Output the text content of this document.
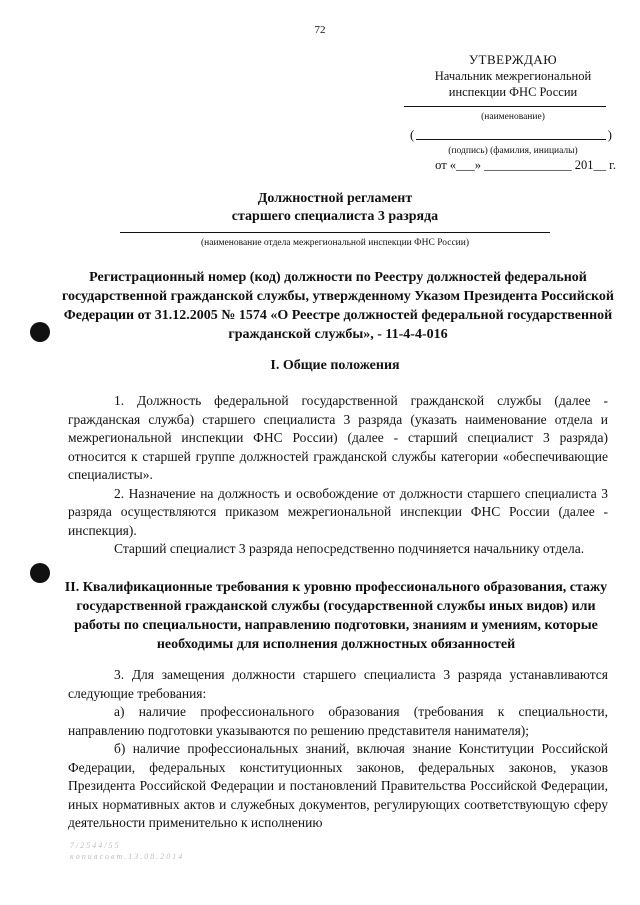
72
УТВЕРЖДАЮ
Начальник межрегиональной
инспекции ФНС России
(наименование)
(	)
(подпись) (фамилия, инициалы)
от «___» ______________ 201__ г.
Должностной регламент
старшего специалиста 3 разряда
(наименование отдела межрегиональной инспекции ФНС России)
Регистрационный номер (код) должности по Реестру должностей федеральной государственной гражданской службы, утвержденному Указом Президента Российской Федерации от 31.12.2005 № 1574 «О Реестре должностей федеральной государственной гражданской службы», - 11-4-4-016
I. Общие положения

1. Должность федеральной государственной гражданской службы (далее - гражданская служба) старшего специалиста 3 разряда (указать наименование отдела и межрегиональной инспекции ФНС России) (далее - старший специалист 3 разряда) относится к старшей группе должностей гражданской службы категории «обеспечивающие специалисты».

2. Назначение на должность и освобождение от должности старшего специалиста 3 разряда осуществляются приказом межрегиональной инспекции ФНС России (далее - инспекция).

Старший специалист 3 разряда непосредственно подчиняется начальнику отдела.

II. Квалификационные требования к уровню профессионального образования, стажу государственной гражданской службы (государственной службы иных видов) или работы по специальности, направлению подготовки, знаниям и умениям, которые необходимы для исполнения должностных обязанностей

3. Для замещения должности старшего специалиста 3 разряда устанавливаются следующие требования:

а) наличие профессионального образования (требования к специальности, направлению подготовки указываются по решению представителя нанимателя);

б) наличие профессиональных знаний, включая знание Конституции Российской Федерации, федеральных конституционных законов, федеральных законов, указов Президента Российской Федерации и постановлений Правительства Российской Федерации, иных нормативных актов и служебных документов, регулирующих соответствующую сферу деятельности применительно к исполнению

7 / 2 5 4 4 / 5 5
к о п и я с о в т . 1 3 . 0 8 . 2 0 1 4
